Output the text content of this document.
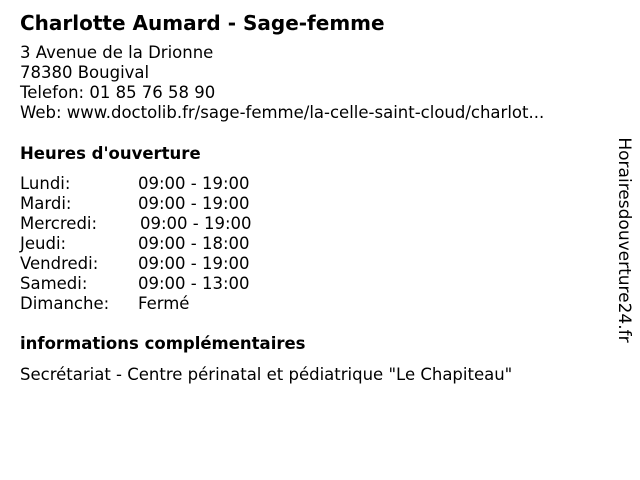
Charlotte Aumard - Sage-femme
3 Avenue de la Drionne
78380 Bougival
Telefon: 01 85 76 58 90
Web: www.doctolib.fr/sage-femme/la-celle-saint-cloud/charlot...
Heures d'ouverture
Lundi:	09:00 - 19:00
Mardi:	09:00 - 19:00
Mercredi:	09:00 - 19:00
Jeudi:	09:00 - 18:00
Vendredi: 09:00 - 19:00
Samedi:	09:00 - 13:00
Dimanche: Fermé
informations complémentaires
Secrétariat - Centre périnatal et pédiatrique "Le Chapiteau"
Horairesdouverture24.fr
